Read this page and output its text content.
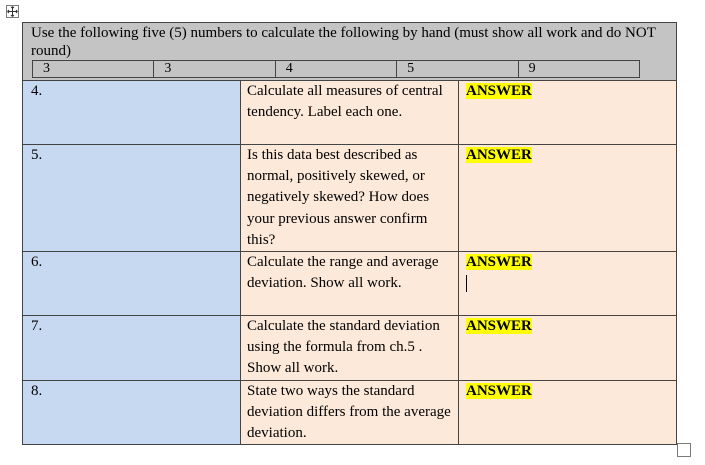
Use the following five (5) numbers to calculate the following by hand (must show all work and do NOT round)
3	3	4	5	9

4.	Calculate all measures of central tendency. Label each one.	ANSWER
5.	Is this data best described as normal, positively skewed, or negatively skewed? How does your previous answer confirm this?	ANSWER
6.	Calculate the range and average deviation. Show all work.	ANSWER

7.	Calculate the standard deviation using the formula from ch.5 . Show all work.	ANSWER
8.	State two ways the standard deviation differs from the average deviation.	ANSWER
